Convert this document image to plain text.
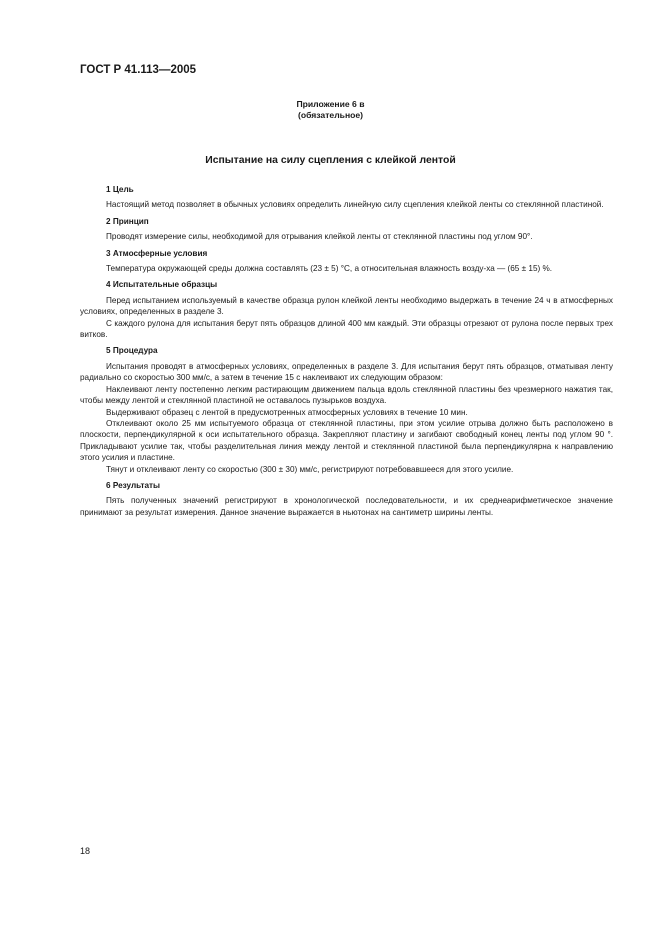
ГОСТ Р 41.113—2005
Приложение 6 в
(обязательное)
Испытание на силу сцепления с клейкой лентой
1 Цель

Настоящий метод позволяет в обычных условиях определить линейную силу сцепления клейкой ленты со стеклянной пластиной.

2 Принцип

Проводят измерение силы, необходимой для отрывания клейкой ленты от стеклянной пластины под углом 90°.

3 Атмосферные условия

Температура окружающей среды должна составлять (23 ± 5) °С, а относительная влажность возду-ха — (65 ± 15) %.

4 Испытательные образцы

Перед испытанием используемый в качестве образца рулон клейкой ленты необходимо выдержать в течение 24 ч в атмосферных условиях, определенных в разделе 3.

С каждого рулона для испытания берут пять образцов длиной 400 мм каждый. Эти образцы отрезают от рулона после первых трех витков.

5 Процедура

Испытания проводят в атмосферных условиях, определенных в разделе 3. Для испытания берут пять образцов, отматывая ленту радиально со скоростью 300 мм/с, а затем в течение 15 с наклеивают их следующим образом:

Наклеивают ленту постепенно легким растирающим движением пальца вдоль стеклянной пластины без чрезмерного нажатия так, чтобы между лентой и стеклянной пластиной не оставалось пузырьков воздуха.

Выдерживают образец с лентой в предусмотренных атмосферных условиях в течение 10 мин.

Отклеивают около 25 мм испытуемого образца от стеклянной пластины, при этом усилие отрыва должно быть расположено в плоскости, перпендикулярной к оси испытательного образца. Закрепляют пластину и загибают свободный конец ленты под углом 90 °. Прикладывают усилие так, чтобы разделительная линия между лентой и стеклянной пластиной была перпендикулярна к направлению этого усилия и пластине.

Тянут и отклеивают ленту со скоростью (300 ± 30) мм/с, регистрируют потребовавшееся для этого усилие.

6 Результаты

Пять полученных значений регистрируют в хронологической последовательности, и их среднеарифметическое значение принимают за результат измерения. Данное значение выражается в ньютонах на сантиметр ширины ленты.

18
